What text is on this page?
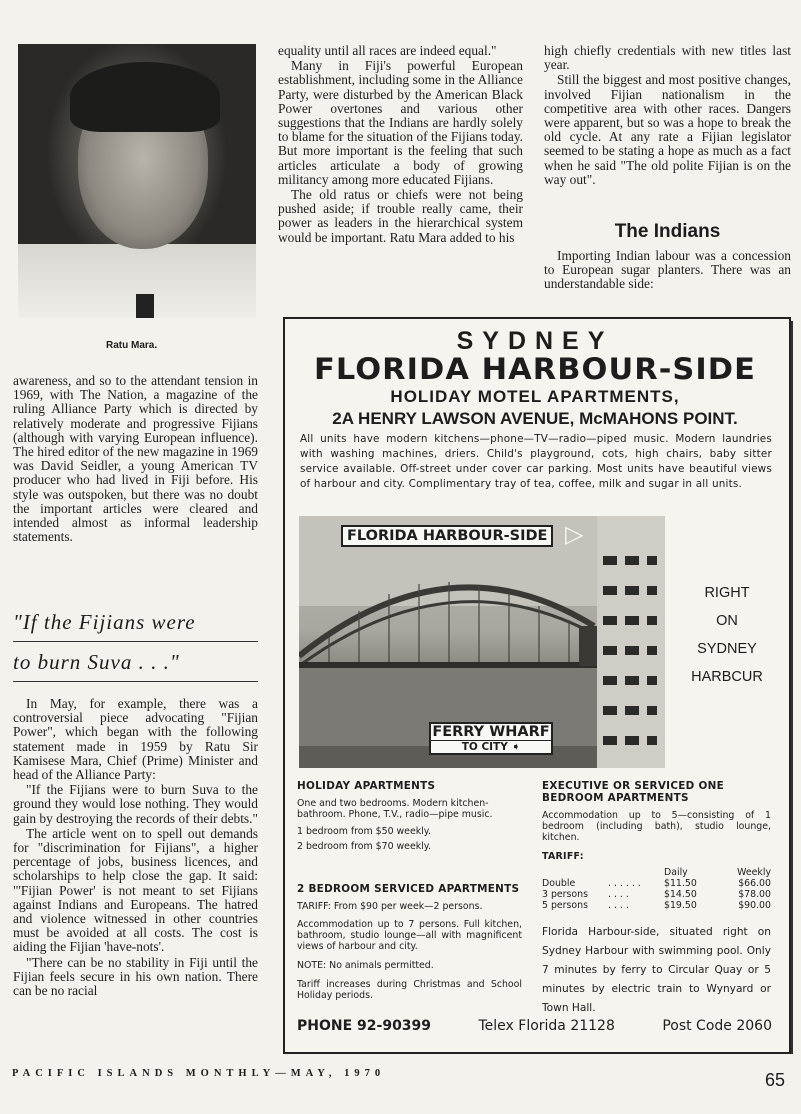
Ratu Mara.

awareness, and so to the attendant tension in 1969, with The Nation, a magazine of the ruling Alliance Party which is directed by relatively moderate and progressive Fijians (although with varying European influence). The hired editor of the new magazine in 1969 was David Seidler, a young American TV producer who had lived in Fiji before. His style was outspoken, but there was no doubt the important articles were cleared and intended almost as informal leadership statements.

"If the Fijians were
to burn Suva . . ."

In May, for example, there was a controversial piece advocating "Fijian Power", which began with the following statement made in 1959 by Ratu Sir Kamisese Mara, Chief (Prime) Minister and head of the Alliance Party:

"If the Fijians were to burn Suva to the ground they would lose nothing. They would gain by destroying the records of their debts."

The article went on to spell out demands for "discrimination for Fijians", a higher percentage of jobs, business licences, and scholarships to help close the gap. It said: "'Fijian Power' is not meant to set Fijians against Indians and Europeans. The hatred and violence witnessed in other countries must be avoided at all costs. The cost is aiding the Fijian 'have-nots'.

"There can be no stability in Fiji until the Fijian feels secure in his own nation. There can be no racial

equality until all races are indeed equal."

Many in Fiji's powerful European establishment, including some in the Alliance Party, were disturbed by the American Black Power overtones and various other suggestions that the Indians are hardly solely to blame for the situation of the Fijians today. But more important is the feeling that such articles articulate a body of growing militancy among more educated Fijians.

The old ratus or chiefs were not being pushed aside; if trouble really came, their power as leaders in the hierarchical system would be important. Ratu Mara added to his

high chiefly credentials with new titles last year.

Still the biggest and most positive changes, involved Fijian nationalism in the competitive area with other races. Dangers were apparent, but so was a hope to break the old cycle. At any rate a Fijian legislator seemed to be stating a hope as much as a fact when he said "The old polite Fijian is on the way out".

The Indians

Importing Indian labour was a concession to European sugar planters. There was an understandable side:

SYDNEY
FLORIDA HARBOUR-SIDE
HOLIDAY MOTEL APARTMENTS,
2A HENRY LAWSON AVENUE, McMAHONS POINT.
All units have modern kitchens—phone—TV—radio—piped music. Modern laundries with washing machines, driers. Child's playground, cots, high chairs, baby sitter service available. Off-street under cover car parking. Most units have beautiful views of harbour and city. Complimentary tray of tea, coffee, milk and sugar in all units.
FLORIDA HARBOUR-SIDE ▷
FERRY WHARF
TO CITY ➧
RIGHT
ON
SYDNEY
HARBCUR
HOLIDAY APARTMENTS
One and two bedrooms. Modern kitchen-bathroom. Phone, T.V., radio—pipe music.
1 bedroom from $50 weekly.
2 bedroom from $70 weekly.
2 BEDROOM SERVICED APARTMENTS
TARIFF: From $90 per week—2 persons.
Accommodation up to 7 persons. Full kitchen, bathroom, studio lounge—all with magnificent views of harbour and city.
NOTE: No animals permitted.
Tariff increases during Christmas and School Holiday periods.
EXECUTIVE OR SERVICED ONE
BEDROOM APARTMENTS
Accommodation up to 5—consisting of 1 bedroom (including bath), studio lounge, kitchen.
TARIFF:
		Daily	Weekly
Double	. . . . . .	$11.50	$66.00
3 persons	. . . .	$14.50	$78.00
5 persons	. . . .	$19.50	$90.00
Florida Harbour-side, situated right on Sydney Harbour with swimming pool. Only 7 minutes by ferry to Circular Quay or 5 minutes by electric train to Wynyard or Town Hall.
PHONE 92-90399	Telex Florida 21128	Post Code 2060
PACIFIC ISLANDS MONTHLY—MAY, 1970	65
